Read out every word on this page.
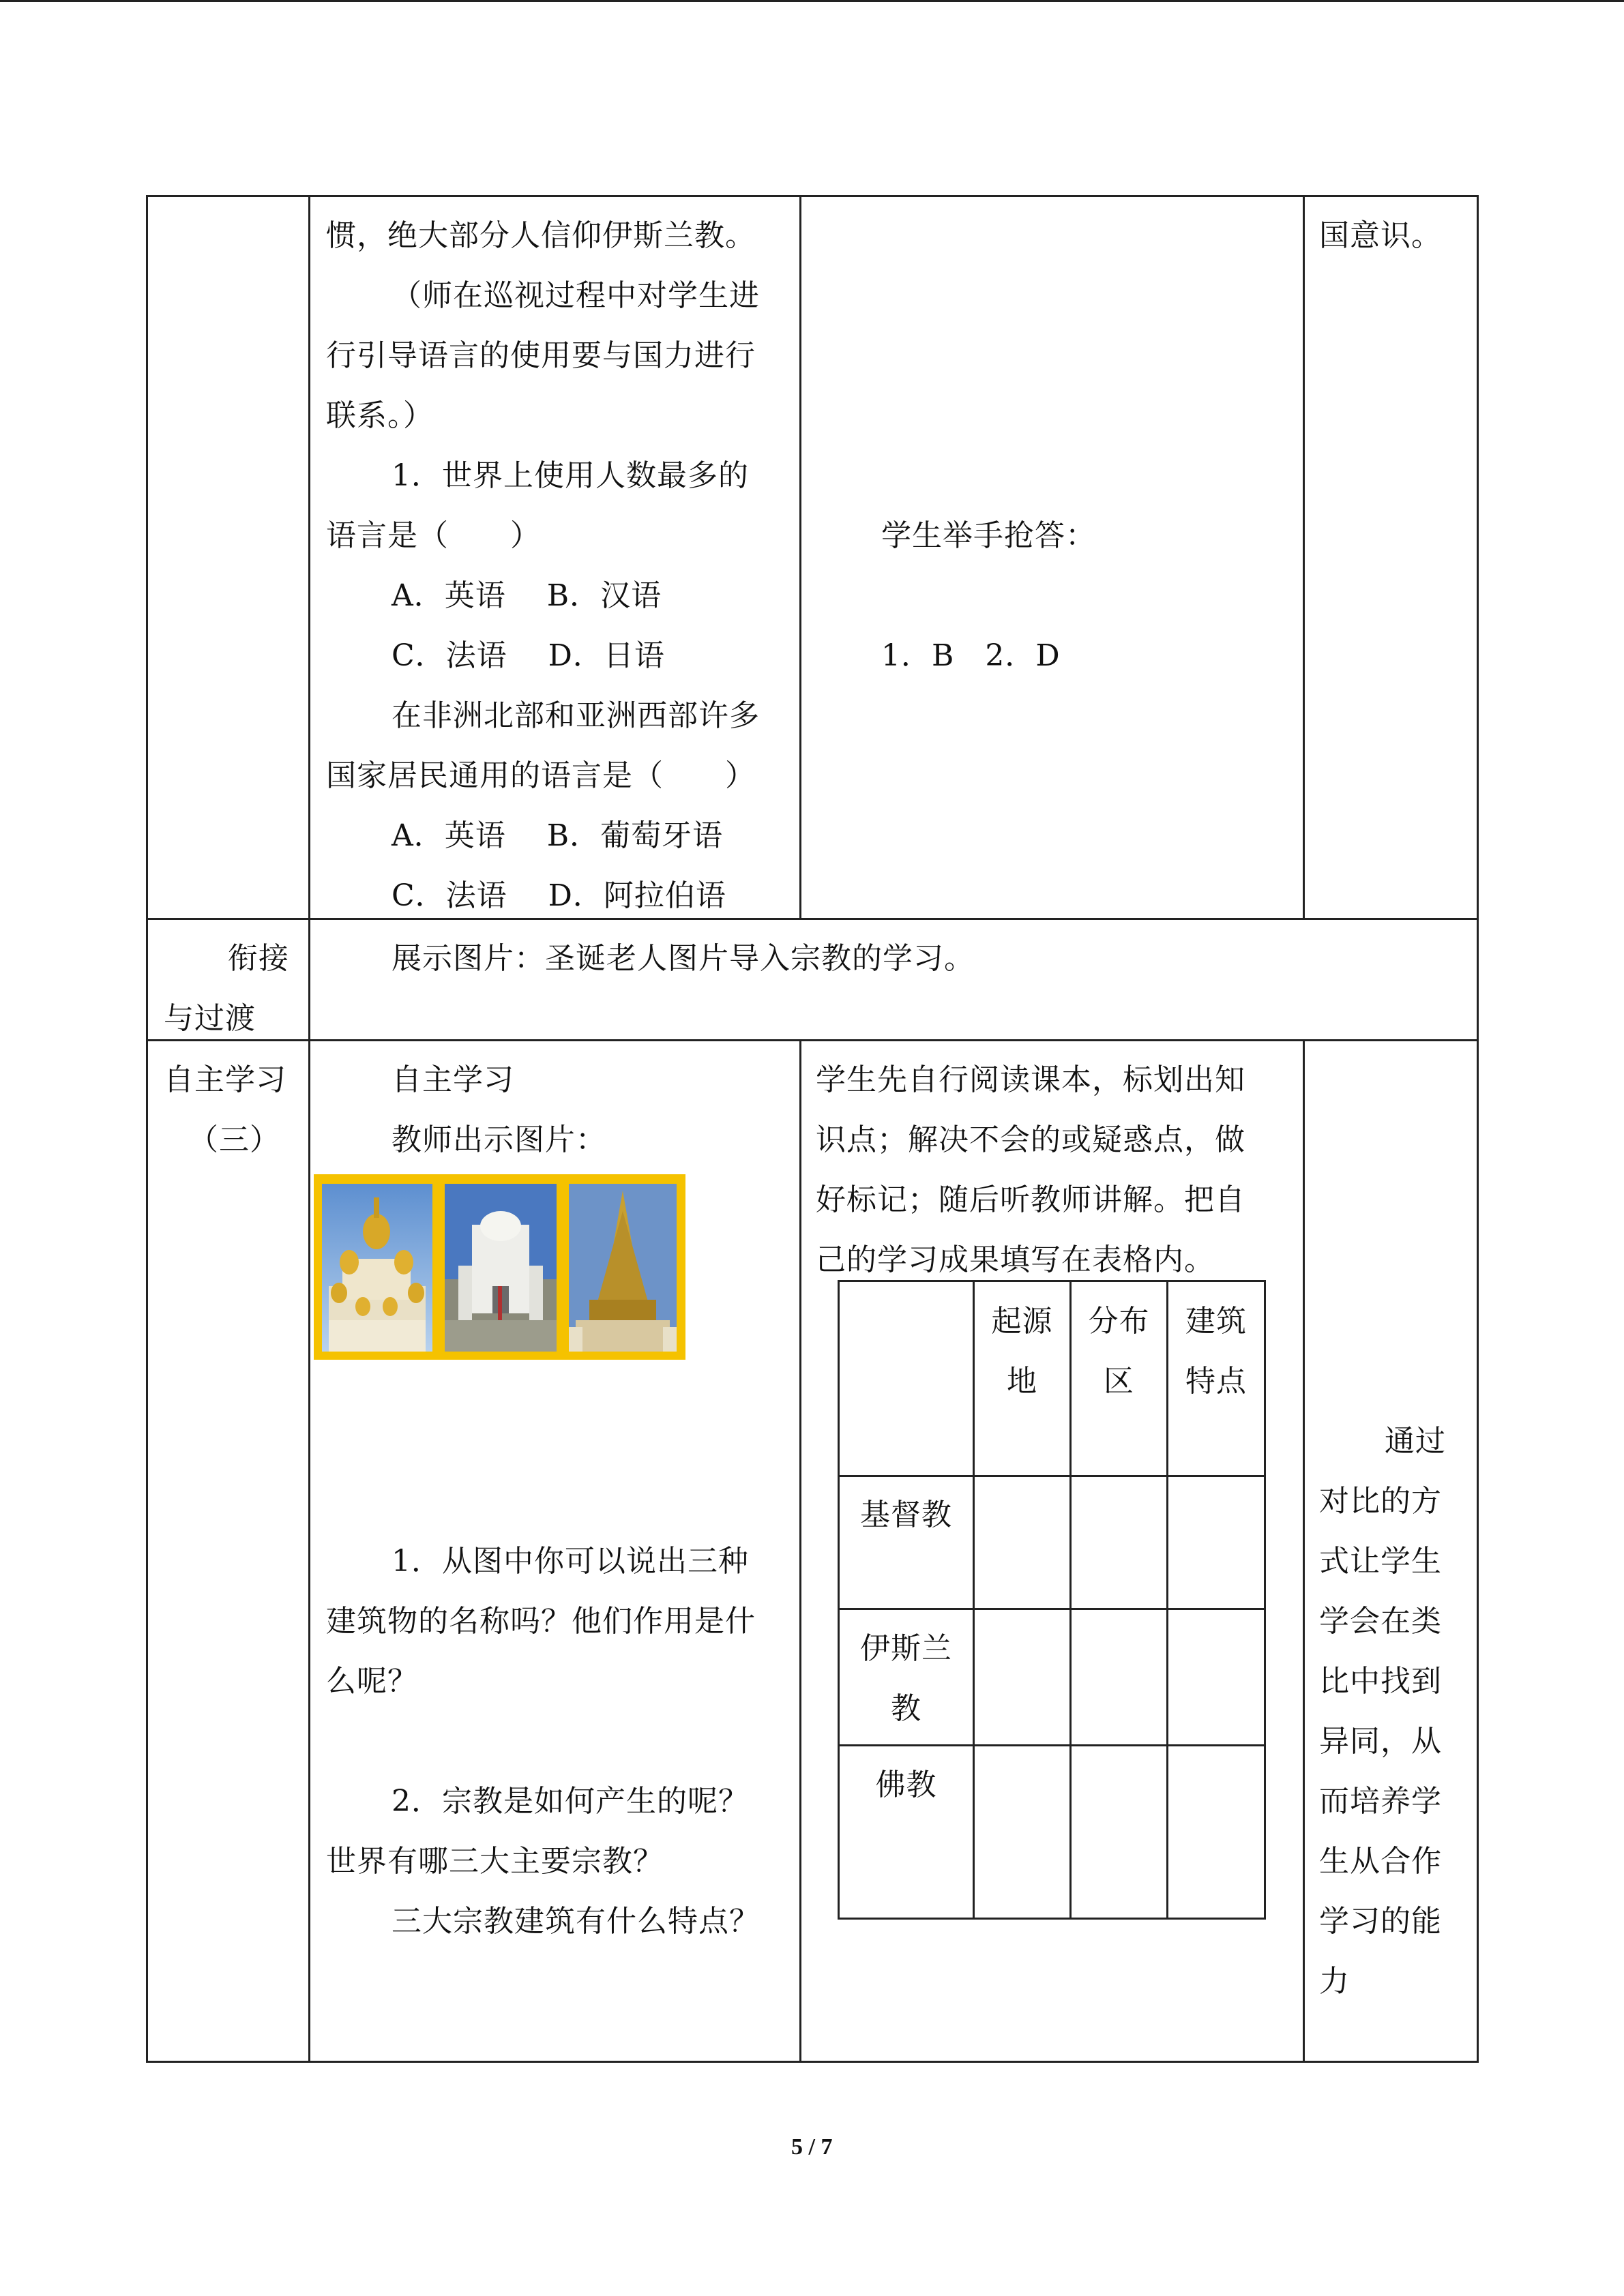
惯，绝大部分人信仰伊斯兰教。
（师在巡视过程中对学生进
行引导语言的使用要与国力进行
联系。）
1．世界上使用人数最多的
语言是（　　）
A．英语　 B．汉语
C．法语　 D．日语
在非洲北部和亚洲西部许多
国家居民通用的语言是（　　）
A．英语　 B．葡萄牙语
C．法语　 D．阿拉伯语
学生举手抢答：
1．B　2．D
国意识。
衔接
与过渡
展示图片：圣诞老人图片导入宗教的学习。
自主学习
（三）
自主学习
教师出示图片：
1．从图中你可以说出三种
建筑物的名称吗？他们作用是什
么呢？
2．宗教是如何产生的呢？
世界有哪三大主要宗教？
三大宗教建筑有什么特点？
学生先自行阅读课本，标划出知
识点；解决不会的或疑惑点，做
好标记；随后听教师讲解。把自
己的学习成果填写在表格内。
起源
地
分布
区
建筑
特点
基督教
伊斯兰
教
佛教
通过
对比的方
式让学生
学会在类
比中找到
异同，从
而培养学
生从合作
学习的能
力
5 / 7
